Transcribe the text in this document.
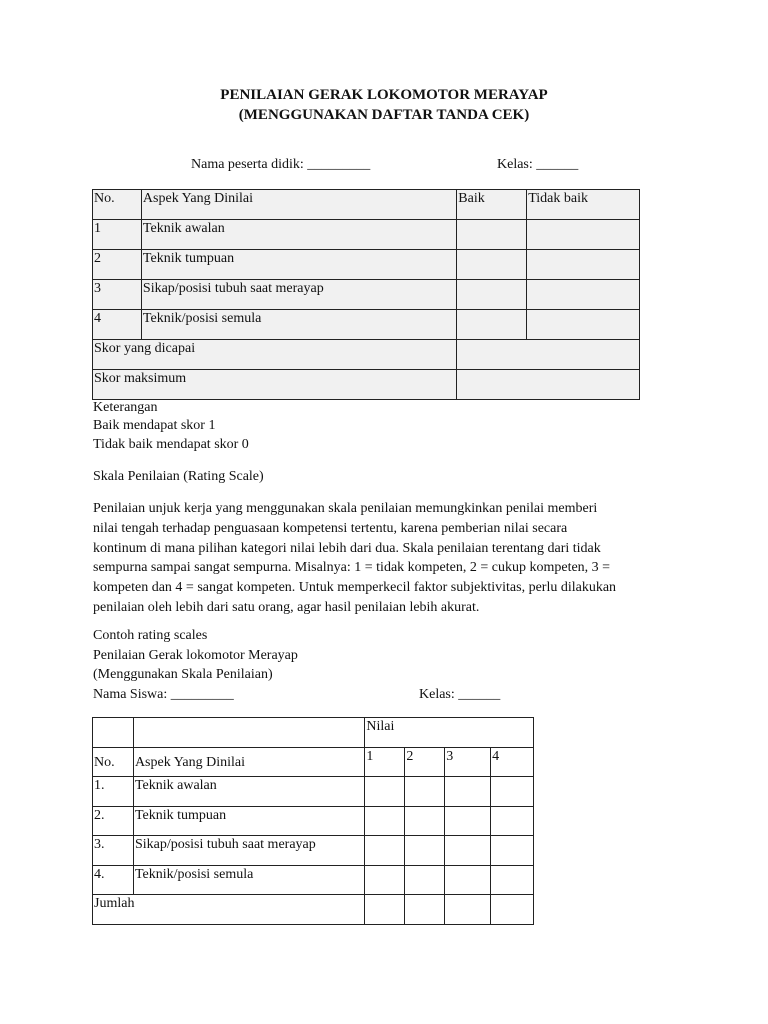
PENILAIAN GERAK LOKOMOTOR MERAYAP
(MENGGUNAKAN DAFTAR TANDA CEK)
Nama peserta didik: _________	Kelas: ______
No.	Aspek Yang Dinilai	Baik	Tidak baik
1	Teknik awalan		
2	Teknik tumpuan		
3	Sikap/posisi tubuh saat merayap		
4	Teknik/posisi semula		
Skor yang dicapai			
Skor maksimum			
Keterangan
Baik mendapat skor 1
Tidak baik mendapat skor 0
Skala Penilaian (Rating Scale)
Penilaian unjuk kerja yang menggunakan skala penilaian memungkinkan penilai memberi
nilai tengah terhadap penguasaan kompetensi tertentu, karena pemberian nilai secara
kontinum di mana pilihan kategori nilai lebih dari dua. Skala penilaian terentang dari tidak
sempurna sampai sangat sempurna. Misalnya: 1 = tidak kompeten, 2 = cukup kompeten, 3 =
kompeten dan 4 = sangat kompeten. Untuk memperkecil faktor subjektivitas, perlu dilakukan
penilaian oleh lebih dari satu orang, agar hasil penilaian lebih akurat.
Contoh rating scales
Penilaian Gerak lokomotor Merayap
(Menggunakan Skala Penilaian)
Nama Siswa: _________	Kelas: ______
		Nilai			
No.	Aspek Yang Dinilai	1	2	3	4
1.	Teknik awalan				
2.	Teknik tumpuan				
3.	Sikap/posisi tubuh saat merayap				
4.	Teknik/posisi semula				
Jumlah					
